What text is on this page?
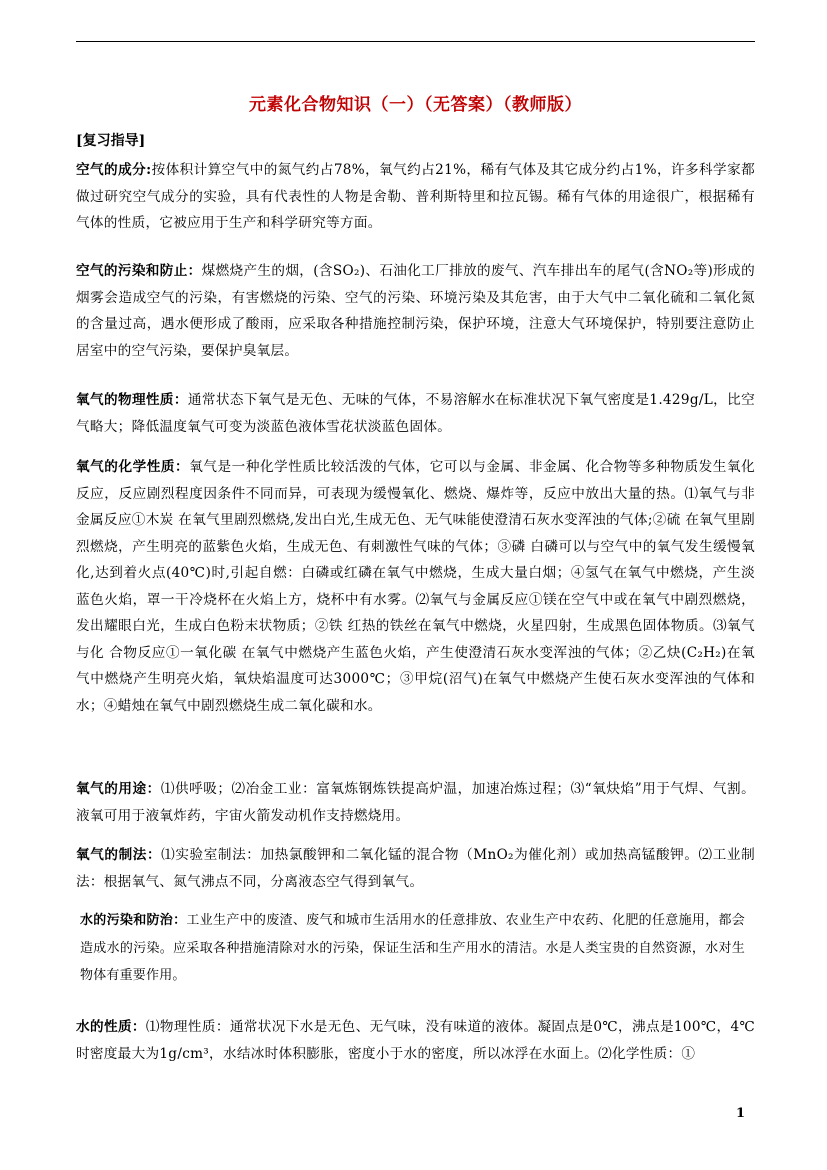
元素化合物知识（一）（无答案）（教师版）
[复习指导]
空气的成分:按体积计算空气中的氮气约占78%，氧气约占21%，稀有气体及其它成分约占1%，许多科学家都做过研究空气成分的实验，具有代表性的人物是舍勒、普利斯特里和拉瓦锡。稀有气体的用途很广，根据稀有气体的性质，它被应用于生产和科学研究等方面。
空气的污染和防止：煤燃烧产生的烟，(含SO₂)、石油化工厂排放的废气、汽车排出车的尾气(含NO₂等)形成的烟雾会造成空气的污染，有害燃烧的污染、空气的污染、环境污染及其危害，由于大气中二氧化硫和二氧化氮的含量过高，遇水便形成了酸雨，应采取各种措施控制污染，保护环境，注意大气环境保护，特别要注意防止居室中的空气污染，要保护臭氧层。
氧气的物理性质：通常状态下氧气是无色、无味的气体，不易溶解水在标准状况下氧气密度是1.429g/L，比空气略大；降低温度氧气可变为淡蓝色液体雪花状淡蓝色固体。
氧气的化学性质：氧气是一种化学性质比较活泼的气体，它可以与金属、非金属、化合物等多种物质发生氧化反应，反应剧烈程度因条件不同而异，可表现为缓慢氧化、燃烧、爆炸等，反应中放出大量的热。⑴氧气与非金属反应①木炭 在氧气里剧烈燃烧,发出白光,生成无色、无气味能使澄清石灰水变浑浊的气体;②硫 在氧气里剧烈燃烧，产生明亮的蓝紫色火焰，生成无色、有刺激性气味的气体；③磷 白磷可以与空气中的氧气发生缓慢氧化,达到着火点(40℃)时,引起自燃：白磷或红磷在氧气中燃烧，生成大量白烟；④氢气在氧气中燃烧，产生淡蓝色火焰，罩一干冷烧杯在火焰上方，烧杯中有水雾。⑵氧气与金属反应①镁在空气中或在氧气中剧烈燃烧，发出耀眼白光，生成白色粉末状物质；②铁 红热的铁丝在氧气中燃烧，火星四射，生成黑色固体物质。⑶氧气与化 合物反应①一氧化碳 在氧气中燃烧产生蓝色火焰，产生使澄清石灰水变浑浊的气体；②乙炔(C₂H₂)在氧气中燃烧产生明亮火焰，氧炔焰温度可达3000℃；③甲烷(沼气)在氧气中燃烧产生使石灰水变浑浊的气体和水；④蜡烛在氧气中剧烈燃烧生成二氧化碳和水。
氧气的用途：⑴供呼吸；⑵冶金工业：富氧炼钢炼铁提高炉温，加速冶炼过程；⑶“氧炔焰”用于气焊、气割。液氧可用于液氧炸药，宇宙火箭发动机作支持燃烧用。
氧气的制法：⑴实验室制法：加热氯酸钾和二氧化锰的混合物（MnO₂为催化剂）或加热高锰酸钾。⑵工业制法：根据氧气、氮气沸点不同，分离液态空气得到氧气。
水的污染和防治：工业生产中的废渣、废气和城市生活用水的任意排放、农业生产中农药、化肥的任意施用，都会造成水的污染。应采取各种措施清除对水的污染，保证生活和生产用水的清洁。水是人类宝贵的自然资源，水对生物体有重要作用。
水的性质：⑴物理性质：通常状况下水是无色、无气味，没有味道的液体。凝固点是0℃，沸点是100℃，4℃时密度最大为1g/cm³，水结冰时体积膨胀，密度小于水的密度，所以冰浮在水面上。⑵化学性质：①
1
